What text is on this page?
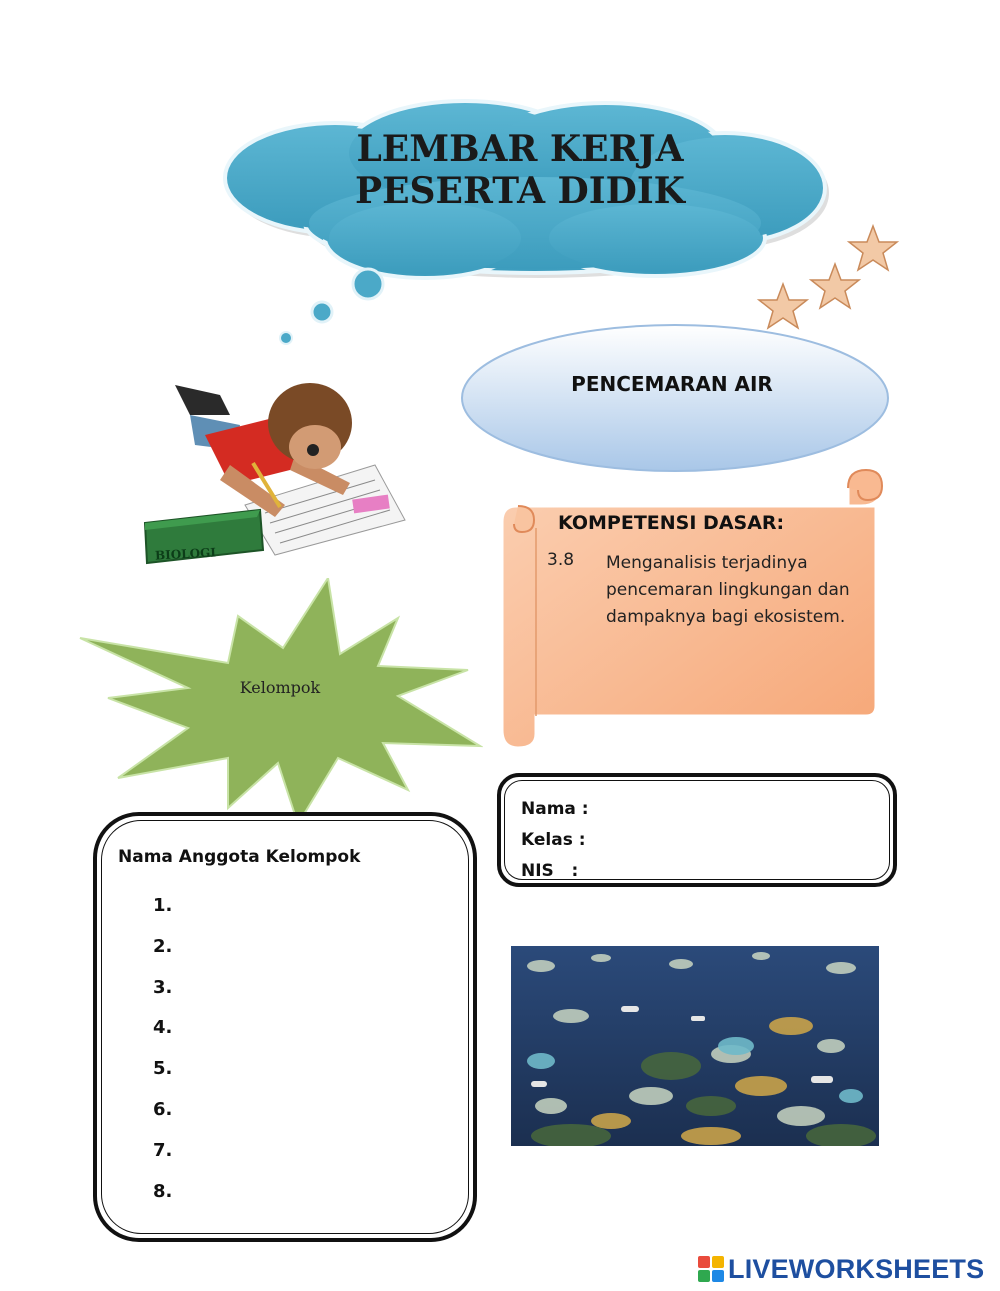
LEMBAR KERJA
PESERTA DIDIK
PENCEMARAN AIR
BIOLOGI
KOMPETENSI DASAR:
3.8 Menganalisis terjadinya pencemaran lingkungan dan dampaknya bagi ekosistem.
Kelompok
Nama :
Kelas :
NIS   :
Nama Anggota Kelompok
1.
2.
3.
4.
5.
6.
7.
8.
LIVEWORKSHEETS
